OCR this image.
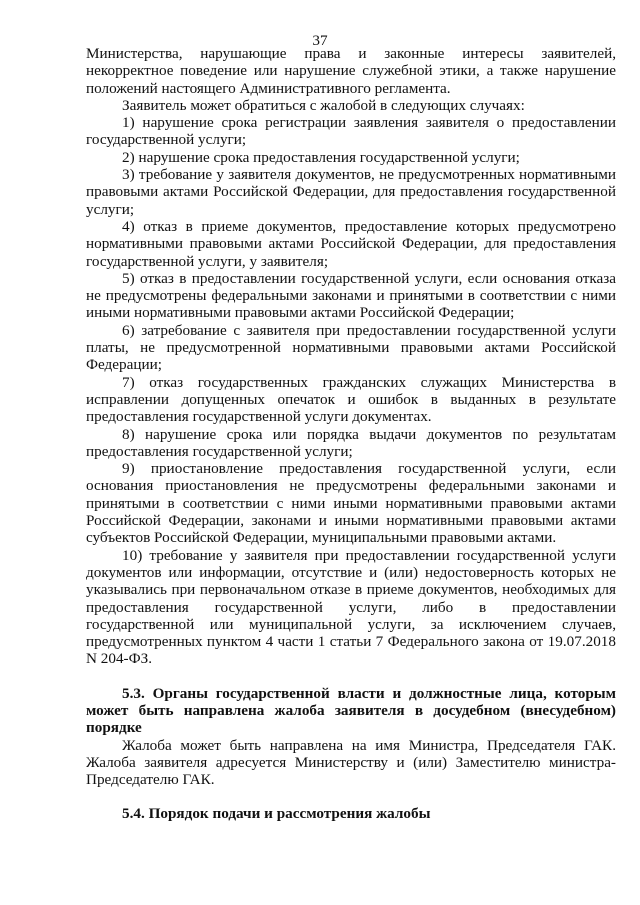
37

Министерства, нарушающие права и законные интересы заявителей, некорректное поведение или нарушение служебной этики, а также нарушение положений настоящего Административного регламента.

Заявитель может обратиться с жалобой в следующих случаях:

1) нарушение срока регистрации заявления заявителя о предоставлении государственной услуги;

2) нарушение срока предоставления государственной услуги;

3) требование у заявителя документов, не предусмотренных нормативными правовыми актами Российской Федерации, для предоставления государственной услуги;

4) отказ в приеме документов, предоставление которых предусмотрено нормативными правовыми актами Российской Федерации, для предоставления государственной услуги, у заявителя;

5) отказ в предоставлении государственной услуги, если основания отказа не предусмотрены федеральными законами и принятыми в соответствии с ними иными нормативными правовыми актами Российской Федерации;

6) затребование с заявителя при предоставлении государственной услуги платы, не предусмотренной нормативными правовыми актами Российской Федерации;

7) отказ государственных гражданских служащих Министерства в исправлении допущенных опечаток и ошибок в выданных в результате предоставления государственной услуги документах.

8) нарушение срока или порядка выдачи документов по результатам предоставления государственной услуги;

9) приостановление предоставления государственной услуги, если основания приостановления не предусмотрены федеральными законами и принятыми в соответствии с ними иными нормативными правовыми актами Российской Федерации, законами и иными нормативными правовыми актами субъектов Российской Федерации, муниципальными правовыми актами.

10) требование у заявителя при предоставлении государственной услуги документов или информации, отсутствие и (или) недостоверность которых не указывались при первоначальном отказе в приеме документов, необходимых для предоставления государственной услуги, либо в предоставлении государственной или муниципальной услуги, за исключением случаев, предусмотренных пунктом 4 части 1 статьи 7 Федерального закона от 19.07.2018 N 204-ФЗ.

5.3. Органы государственной власти и должностные лица, которым может быть направлена жалоба заявителя в досудебном (внесудебном) порядке

Жалоба может быть направлена на имя Министра, Председателя ГАК. Жалоба заявителя адресуется Министерству и (или) Заместителю министра-Председателю ГАК.

5.4. Порядок подачи и рассмотрения жалобы
